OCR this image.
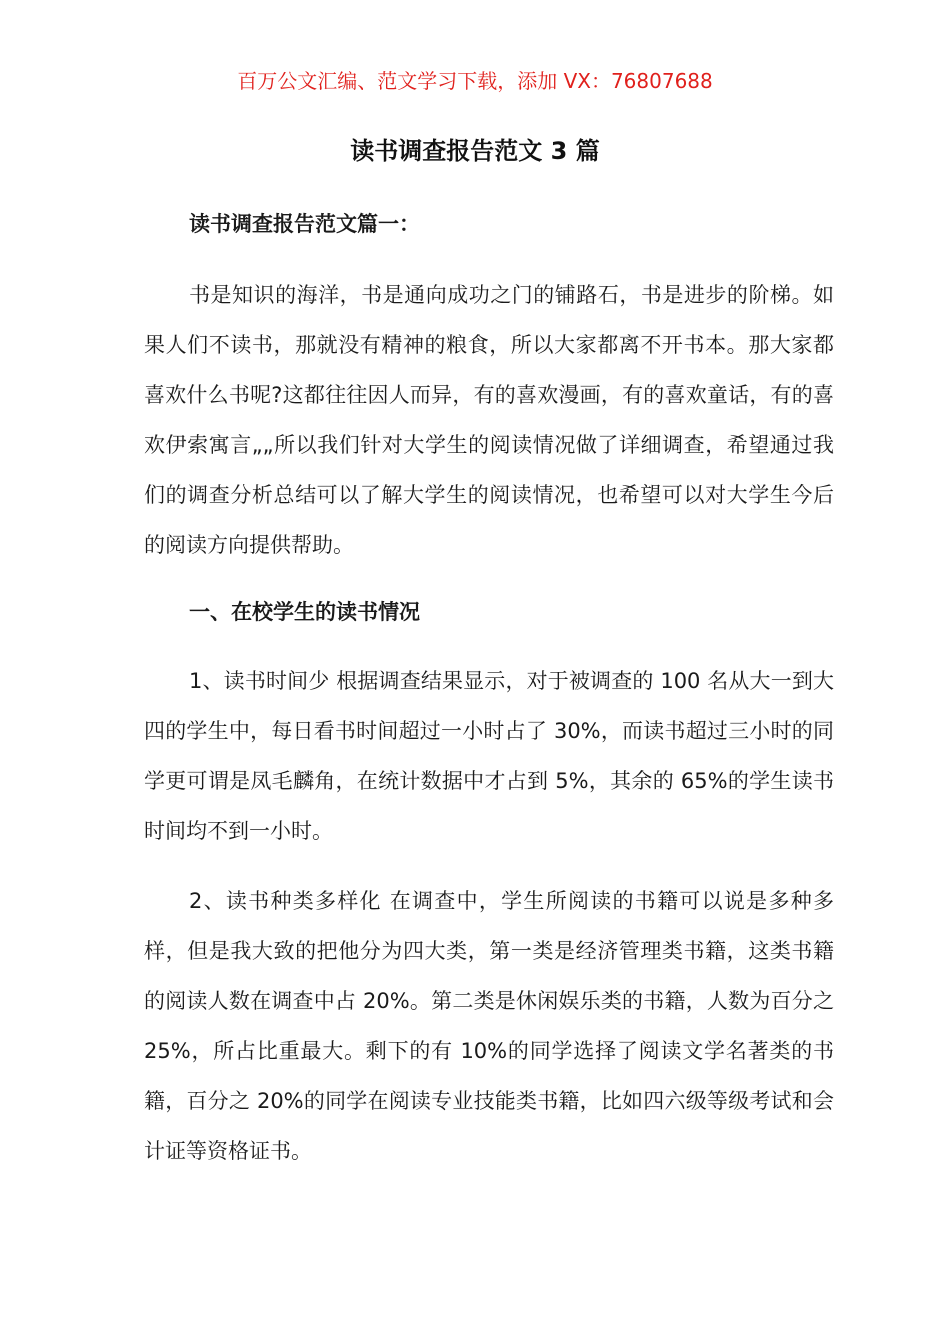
百万公文汇编、范文学习下载，添加 VX：76807688
读书调查报告范文 3 篇
读书调查报告范文篇一：

书是知识的海洋，书是通向成功之门的铺路石，书是进步的阶梯。如果人们不读书，那就没有精神的粮食，所以大家都离不开书本。那大家都喜欢什么书呢?这都往往因人而异，有的喜欢漫画，有的喜欢童话，有的喜欢伊索寓言„„所以我们针对大学生的阅读情况做了详细调查，希望通过我们的调查分析总结可以了解大学生的阅读情况，也希望可以对大学生今后的阅读方向提供帮助。

一、在校学生的读书情况

1、读书时间少 根据调查结果显示，对于被调查的 100 名从大一到大四的学生中，每日看书时间超过一小时占了 30%，而读书超过三小时的同学更可谓是凤毛麟角，在统计数据中才占到 5%，其余的 65%的学生读书时间均不到一小时。

2、读书种类多样化 在调查中，学生所阅读的书籍可以说是多种多样，但是我大致的把他分为四大类，第一类是经济管理类书籍，这类书籍的阅读人数在调查中占 20%。第二类是休闲娱乐类的书籍，人数为百分之 25%，所占比重最大。剩下的有 10%的同学选择了阅读文学名著类的书籍，百分之 20%的同学在阅读专业技能类书籍，比如四六级等级考试和会计证等资格证书。
